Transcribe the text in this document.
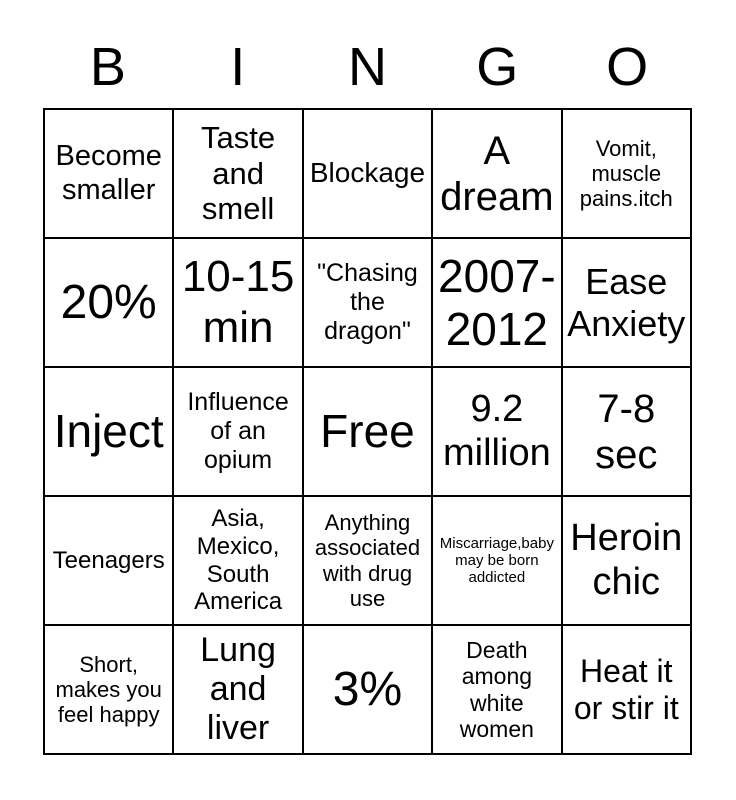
B	I	N	G	O
Become smaller	Taste and smell	Blockage	A dream	Vomit, muscle pains.itch
20%	10-15 min	"Chasing the dragon"	2007-2012	Ease Anxiety
Inject	Influence of an opium	Free	9.2 million	7-8 sec
Teenagers	Asia, Mexico, South America	Anything associated with drug use	Miscarriage,baby may be born addicted	Heroin chic
Short, makes you feel happy	Lung and liver	3%	Death among white women	Heat it or stir it
